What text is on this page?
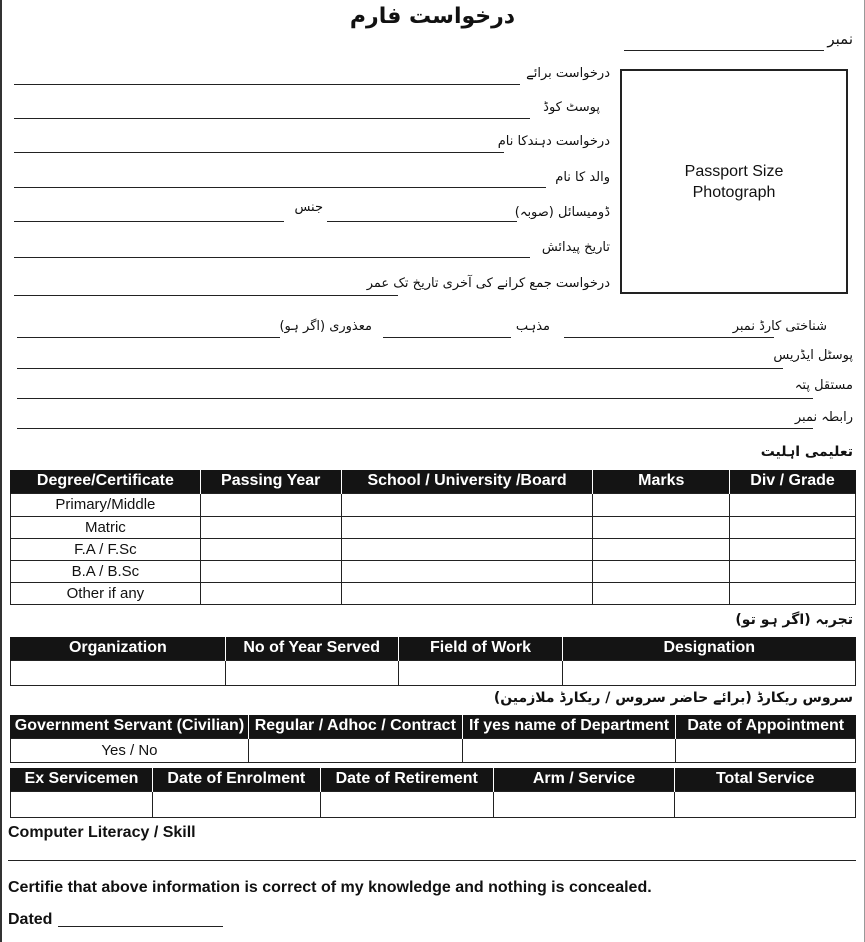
درخواست فارم
نمبر
Passport Size
Photograph
درخواست برائے
پوسٹ کوڈ
درخواست دہندکا نام
والد کا نام
ڈومیسائل (صوبہ)
جنس
تاریخ پیدائش
درخواست جمع کرانے کی آخری تاریخ تک عمر
شناختی کارڈ نمبر
مذہب
معذوری (اگر ہو)
پوسٹل ایڈریس
مستقل پتہ
رابطہ نمبر
تعلیمی اہلیت
Degree/Certificate	Passing Year	School / University /Board	Marks	Div / Grade
Primary/Middle				
Matric				
F.A / F.Sc				
B.A / B.Sc				
Other if any				
تجربہ (اگر ہو تو)
Organization	No of Year Served	Field of Work	Designation

سروس ریکارڈ (برائے حاضر سروس / ریکارڈ ملازمین)
Government Servant (Civilian)	Regular / Adhoc / Contract	If yes name of Department	Date of Appointment
Yes / No			
Ex Servicemen	Date of Enrolment	Date of Retirement	Arm / Service	Total Service

Computer Literacy / Skill
Certifie that above information is correct of my knowledge and nothing is concealed.
Dated
